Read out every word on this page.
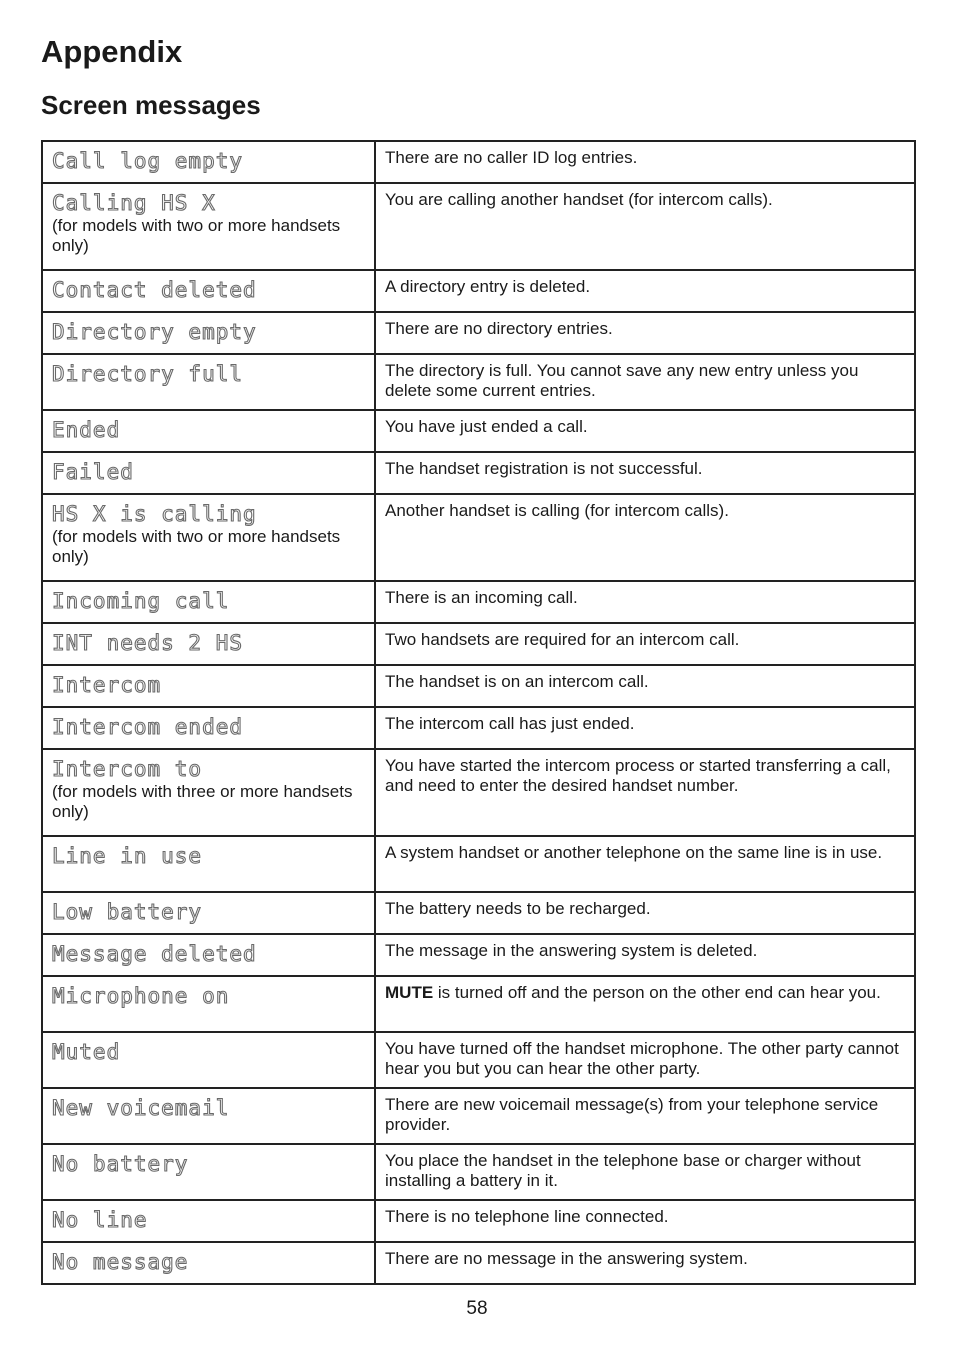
Appendix
Screen messages
Call log empty	There are no caller ID log entries.

Calling HS X
(for models with two or more handsets only)	You are calling another handset (for intercom calls).

Contact deleted	A directory entry is deleted.

Directory empty	There are no directory entries.

Directory full	The directory is full. You cannot save any new entry unless you delete some current entries.

Ended	You have just ended a call.

Failed	The handset registration is not successful.

HS X is calling
(for models with two or more handsets only)	Another handset is calling (for intercom calls).

Incoming call	There is an incoming call.

INT needs 2 HS	Two handsets are required for an intercom call.

Intercom	The handset is on an intercom call.

Intercom ended	The intercom call has just ended.

Intercom to
(for models with three or more handsets only)	You have started the intercom process or started transferring a call, and need to enter the desired handset number.

Line in use	A system handset or another telephone on the same line is in use.

Low battery	The battery needs to be recharged.

Message deleted	The message in the answering system is deleted.

Microphone on	MUTE is turned off and the person on the other end can hear you.

Muted	You have turned off the handset microphone. The other party cannot hear you but you can hear the other party.

New voicemail	There are new voicemail message(s) from your telephone service provider.

No battery	You place the handset in the telephone base or charger without installing a battery in it.

No line	There is no telephone line connected.

No message	There are no message in the answering system.
58
